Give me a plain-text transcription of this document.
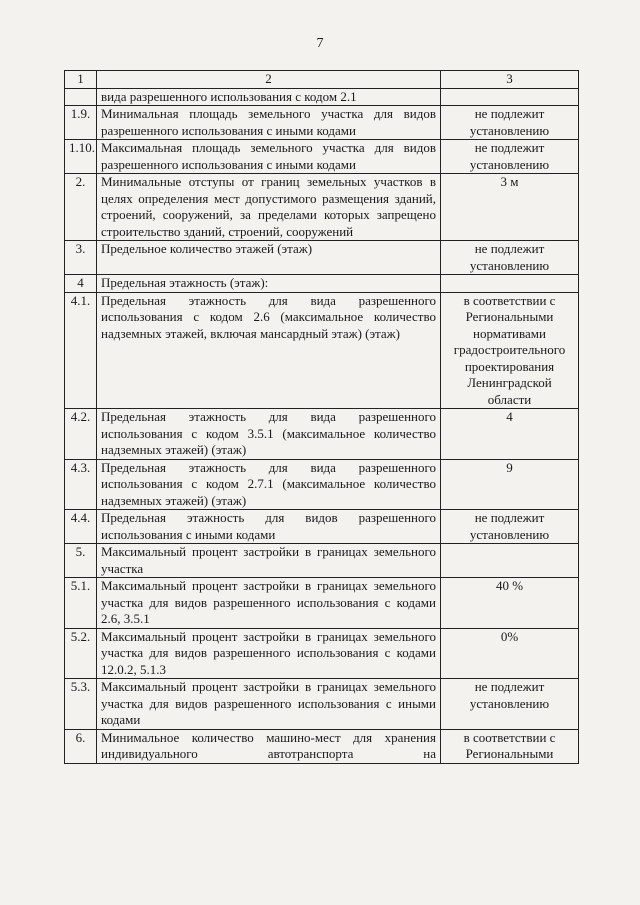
7
1	2	3
	вида разрешенного использования с кодом 2.1	
1.9.	Минимальная площадь земельного участка для видов разрешенного использования с иными кодами	не подлежит установлению
1.10.	Максимальная площадь земельного участка для видов разрешенного использования с иными кодами	не подлежит установлению
2.	Минимальные отступы от границ земельных участков в целях определения мест допустимого размещения зданий, строений, сооружений, за пределами которых запрещено строительство зданий, строений, сооружений	3 м
3.	Предельное количество этажей (этаж)	не подлежит установлению
4	Предельная этажность (этаж):	
4.1.	Предельная этажность для вида разрешенного использования с кодом 2.6 (максимальное количество надземных этажей, включая мансардный этаж) (этаж)	в соответствии с Региональными нормативами градостроительного проектирования Ленинградской области
4.2.	Предельная этажность для вида разрешенного использования с кодом 3.5.1 (максимальное количество надземных этажей) (этаж)	4
4.3.	Предельная этажность для вида разрешенного использования с кодом 2.7.1 (максимальное количество надземных этажей) (этаж)	9
4.4.	Предельная этажность для видов разрешенного использования с иными кодами	не подлежит установлению
5.	Максимальный процент застройки в границах земельного участка	
5.1.	Максимальный процент застройки в границах земельного участка для видов разрешенного использования с кодами 2.6, 3.5.1	40 %
5.2.	Максимальный процент застройки в границах земельного участка для видов разрешенного использования с кодами 12.0.2, 5.1.3	0%
5.3.	Максимальный процент застройки в границах земельного участка для видов разрешенного использования с иными кодами	не подлежит установлению
6.	Минимальное количество машино-мест для хранения индивидуального автотранспорта на	в соответствии с Региональными
